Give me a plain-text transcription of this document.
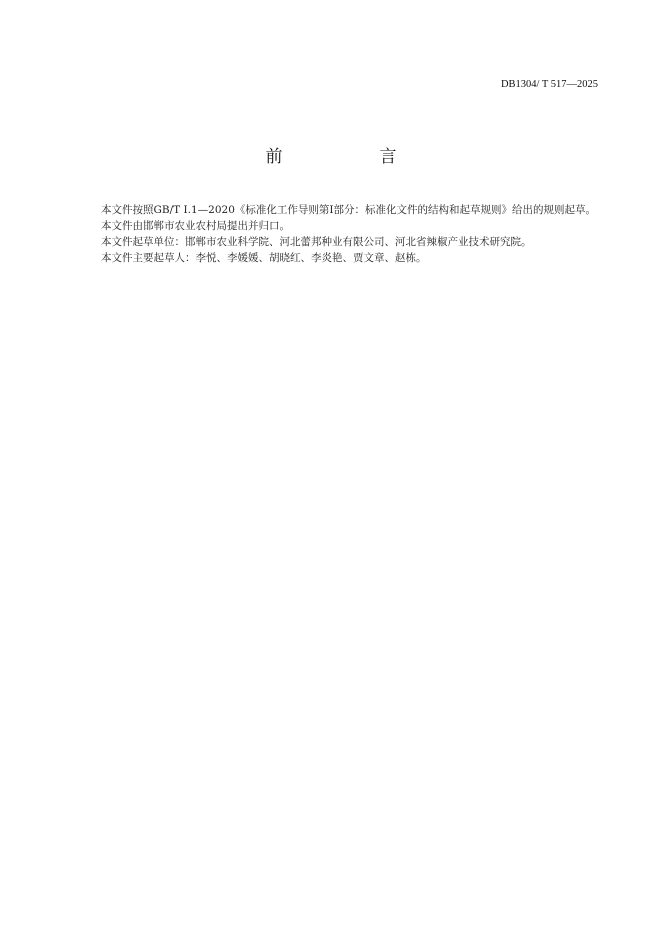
DB1304/ T 517—2025
前　言

本文件按照GB/T Ⅰ.1—2020《标准化工作导则第Ⅰ部分：标准化文件的结构和起草规则》给出的规则起草。

本文件由邯郸市农业农村局提出并归口。

本文件起草单位：邯郸市农业科学院、河北蕾邦种业有限公司、河北省辣椒产业技术研究院。

本文件主要起草人：李悦、李媛媛、胡晓红、李炎艳、贾文章、赵栋。
